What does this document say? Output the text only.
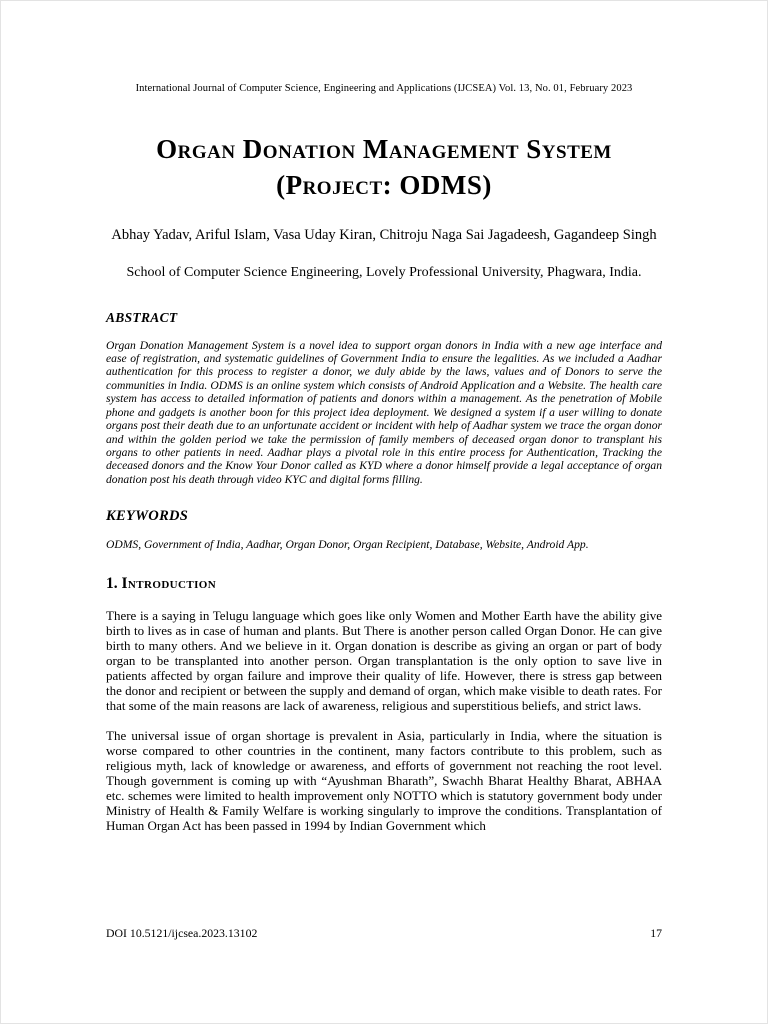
International Journal of Computer Science, Engineering and Applications (IJCSEA) Vol. 13, No. 01, February 2023
Organ Donation Management System
(Project: ODMS)
Abhay Yadav, Ariful Islam, Vasa Uday Kiran, Chitroju Naga Sai Jagadeesh, Gagandeep Singh
School of Computer Science Engineering, Lovely Professional University, Phagwara, India.
ABSTRACT
Organ Donation Management System is a novel idea to support organ donors in India with a new age interface and ease of registration, and systematic guidelines of Government India to ensure the legalities. As we included a Aadhar authentication for this process to register a donor, we duly abide by the laws, values and of Donors to serve the communities in India. ODMS is an online system which consists of Android Application and a Website. The health care system has access to detailed information of patients and donors within a management. As the penetration of Mobile phone and gadgets is another boon for this project idea deployment. We designed a system if a user willing to donate organs post their death due to an unfortunate accident or incident with help of Aadhar system we trace the organ donor and within the golden period we take the permission of family members of deceased organ donor to transplant his organs to other patients in need. Aadhar plays a pivotal role in this entire process for Authentication, Tracking the deceased donors and the Know Your Donor called as KYD where a donor himself provide a legal acceptance of organ donation post his death through video KYC and digital forms filling.
KEYWORDS
ODMS, Government of India, Aadhar, Organ Donor, Organ Recipient, Database, Website, Android App.
1. Introduction
There is a saying in Telugu language which goes like only Women and Mother Earth have the ability give birth to lives as in case of human and plants. But There is another person called Organ Donor. He can give birth to many others. And we believe in it. Organ donation is describe as giving an organ or part of body organ to be transplanted into another person. Organ transplantation is the only option to save live in patients affected by organ failure and improve their quality of life. However, there is stress gap between the donor and recipient or between the supply and demand of organ, which make visible to death rates. For that some of the main reasons are lack of awareness, religious and superstitious beliefs, and strict laws.
The universal issue of organ shortage is prevalent in Asia, particularly in India, where the situation is worse compared to other countries in the continent, many factors contribute to this problem, such as religious myth, lack of knowledge or awareness, and efforts of government not reaching the root level. Though government is coming up with “Ayushman Bharath”, Swachh Bharat Healthy Bharat, ABHAA etc. schemes were limited to health improvement only NOTTO which is statutory government body under Ministry of Health & Family Welfare is working singularly to improve the conditions. Transplantation of Human Organ Act has been passed in 1994 by Indian Government which
DOI 10.5121/ijcsea.2023.13102	17
